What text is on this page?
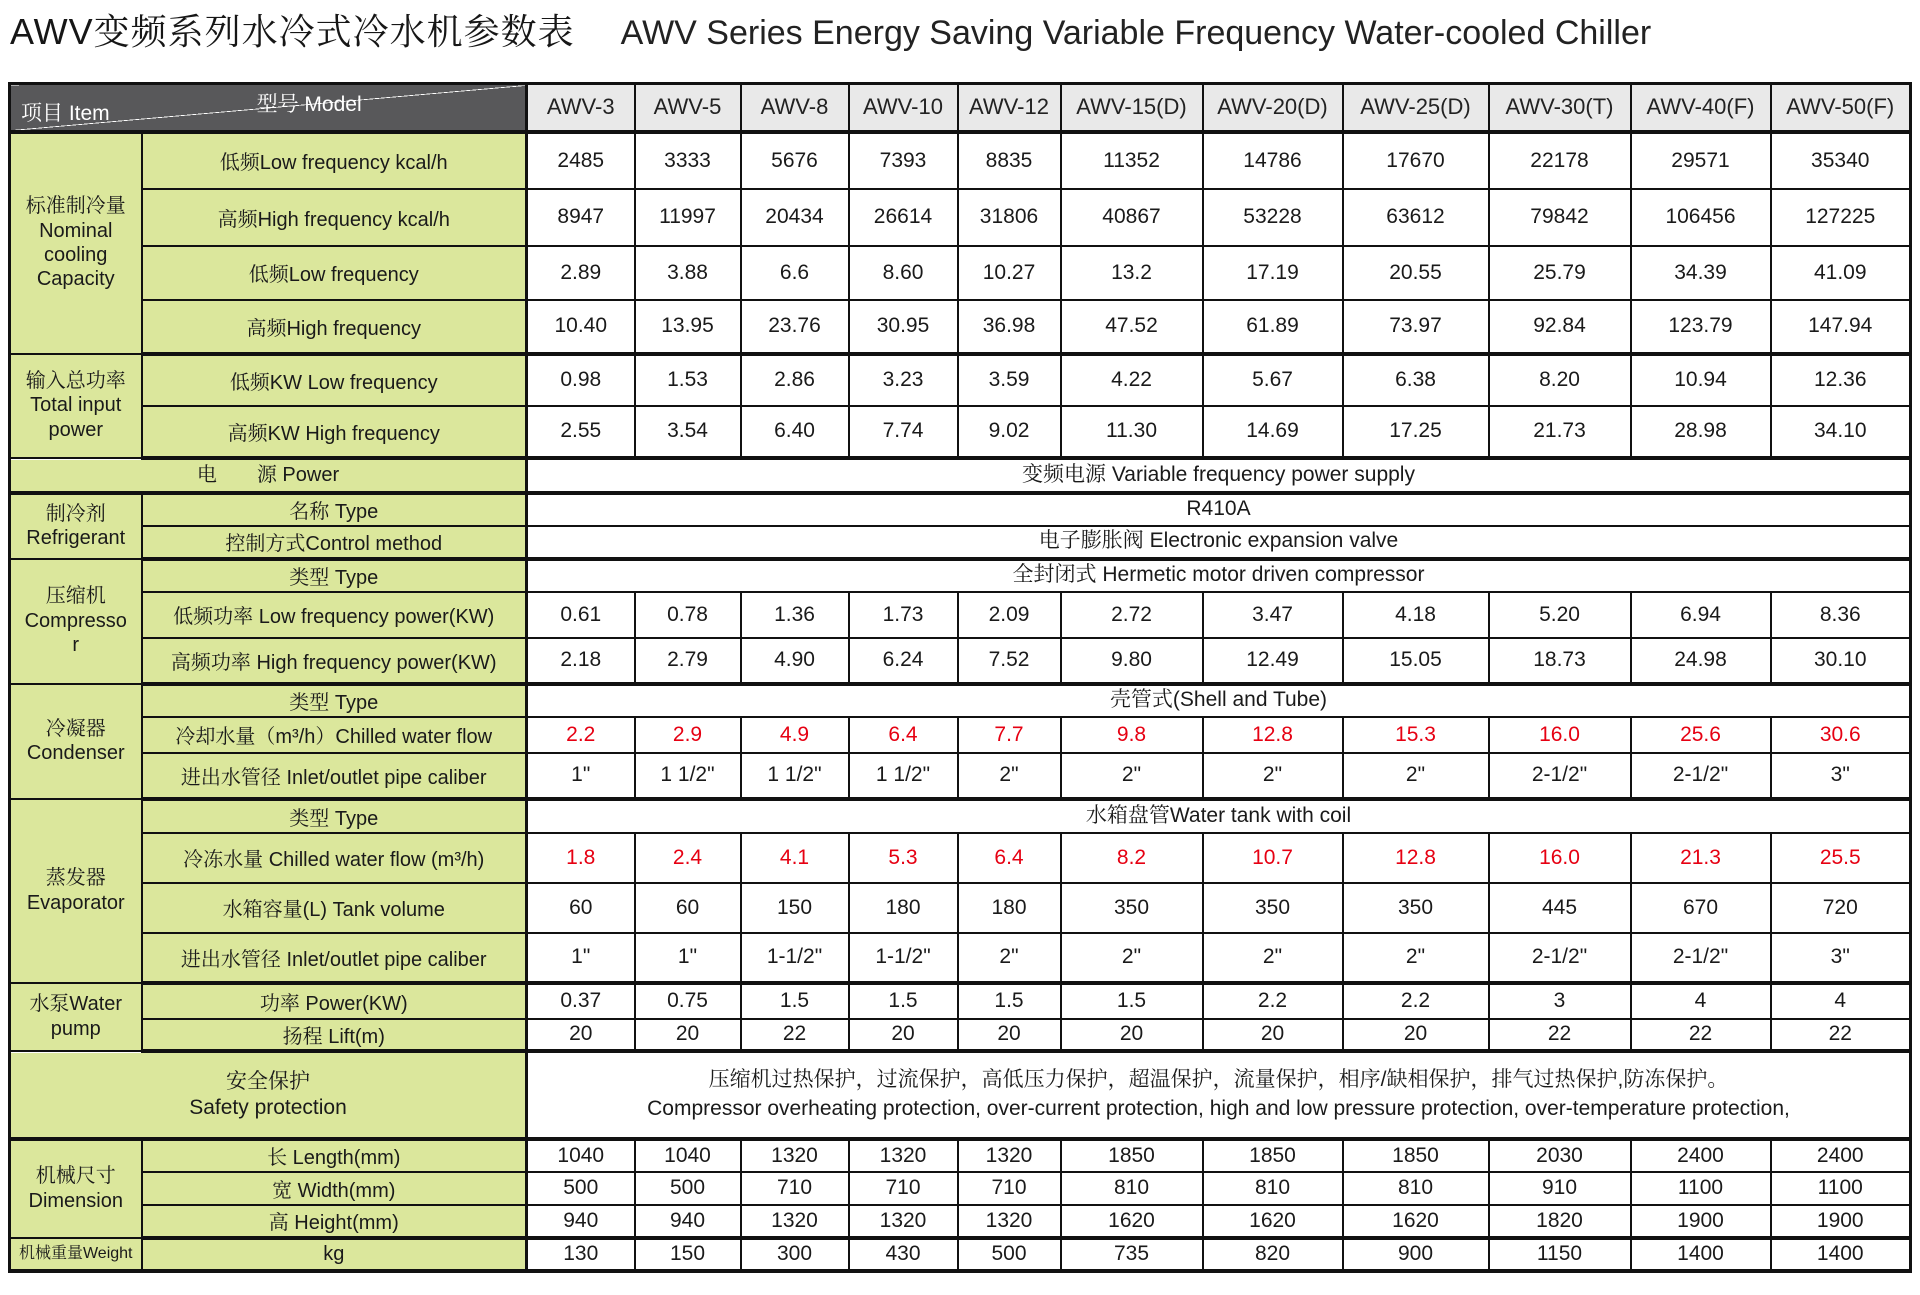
AWV变频系列水冷式冷水机参数表 AWV Series Energy Saving Variable Frequency Water-cooled Chiller
型号 Model
项目 Item		AWV-3	AWV-5	AWV-8	AWV-10	AWV-12	AWV-15(D)	AWV-20(D)	AWV-25(D)	AWV-30(T)	AWV-40(F)	AWV-50(F)

标准制冷量
Nominal
cooling
Capacity	低频Low frequency kcal/h	2485	3333	5676	7393	8835	11352	14786	17670	22178	29571	35340
	高频High frequency kcal/h	8947	11997	20434	26614	31806	40867	53228	63612	79842	106456	127225
	低频Low frequency	2.89	3.88	6.6	8.60	10.27	13.2	17.19	20.55	25.79	34.39	41.09
	高频High frequency	10.40	13.95	23.76	30.95	36.98	47.52	61.89	73.97	92.84	123.79	147.94

输入总功率
Total input
power	低频KW Low frequency	0.98	1.53	2.86	3.23	3.59	4.22	5.67	6.38	8.20	10.94	12.36
	高频KW High frequency	2.55	3.54	6.40	7.74	9.02	11.30	14.69	17.25	21.73	28.98	34.10

电　　源 Power		变频电源 Variable frequency power supply										

制冷剂
Refrigerant	名称 Type	R410A										

	控制方式Control method	电子膨胀阀 Electronic expansion valve										

压缩机
Compresso
r	类型 Type	全封闭式 Hermetic motor driven compressor										

	低频功率 Low frequency power(KW)	0.61	0.78	1.36	1.73	2.09	2.72	3.47	4.18	5.20	6.94	8.36
	高频功率 High frequency power(KW)	2.18	2.79	4.90	6.24	7.52	9.80	12.49	15.05	18.73	24.98	30.10

冷凝器
Condenser	类型 Type	壳管式(Shell and Tube)										

	冷却水量（m³/h）Chilled water flow	2.2	2.9	4.9	6.4	7.7	9.8	12.8	15.3	16.0	25.6	30.6
	进出水管径 Inlet/outlet pipe caliber	1"	1 1/2"	1 1/2"	1 1/2"	2"	2"	2"	2"	2-1/2"	2-1/2"	3"

蒸发器
Evaporator	类型 Type	水箱盘管Water tank with coil										

	冷冻水量 Chilled water flow (m³/h)	1.8	2.4	4.1	5.3	6.4	8.2	10.7	12.8	16.0	21.3	25.5
	水箱容量(L) Tank volume	60	60	150	180	180	350	350	350	445	670	720
	进出水管径 Inlet/outlet pipe caliber	1"	1"	1-1/2"	1-1/2"	2"	2"	2"	2"	2-1/2"	2-1/2"	3"

水泵Water
pump	功率 Power(KW)	0.37	0.75	1.5	1.5	1.5	1.5	2.2	2.2	3	4	4
	扬程 Lift(m)	20	20	22	20	20	20	20	20	22	22	22

安全保护
Safety protection

压缩机过热保护，过流保护，高低压力保护，超温保护，流量保护，相序/缺相保护，排气过热保护,防冻保护。
Compressor overheating protection, over-current protection, high and low pressure protection, over-temperature protection,

机械尺寸
Dimension	长 Length(mm)	1040	1040	1320	1320	1320	1850	1850	1850	2030	2400	2400
	宽 Width(mm)	500	500	710	710	710	810	810	810	910	1100	1100
	高 Height(mm)	940	940	1320	1320	1320	1620	1620	1620	1820	1900	1900

机械重量Weight	kg	130	150	300	430	500	735	820	900	1150	1400	1400
